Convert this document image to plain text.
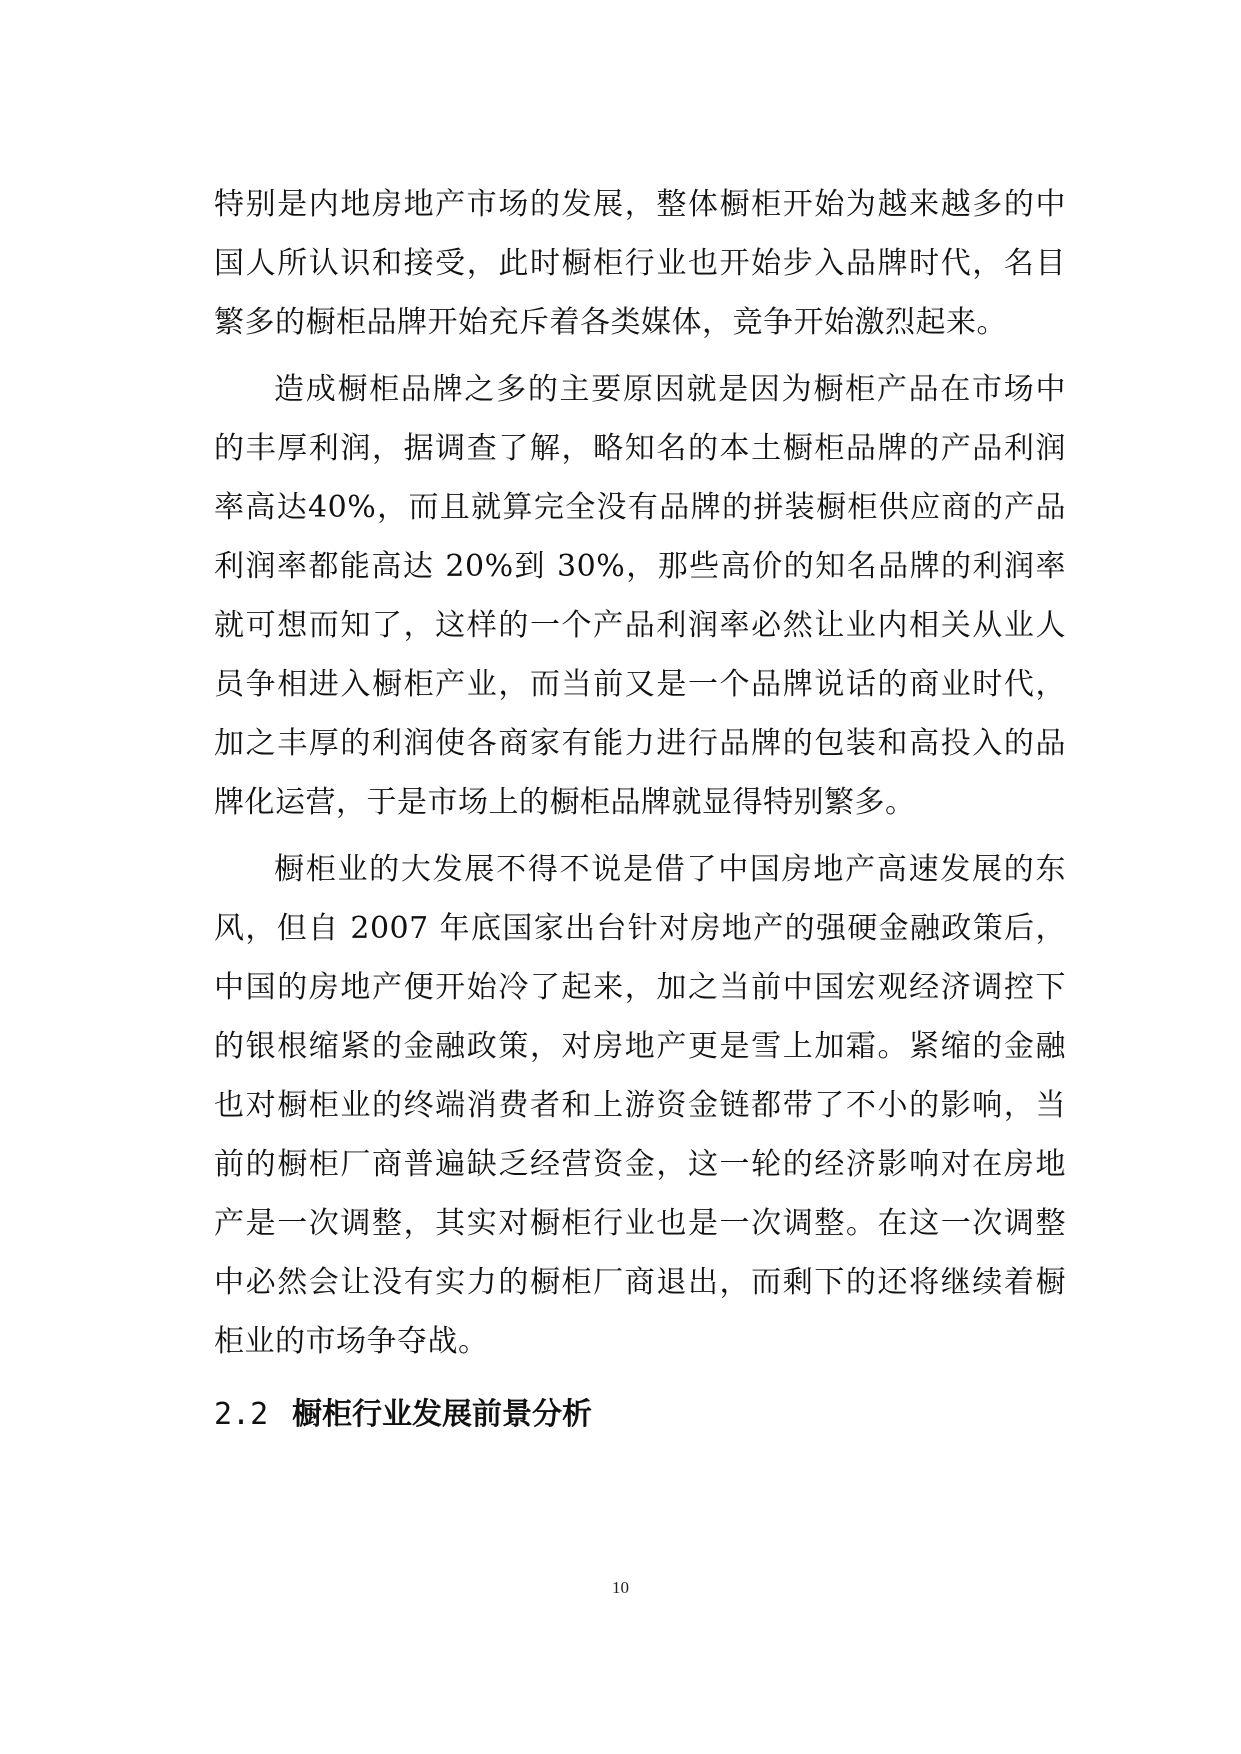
特别是内地房地产市场的发展，整体橱柜开始为越来越多的中国人所认识和接受，此时橱柜行业也开始步入品牌时代，名目繁多的橱柜品牌开始充斥着各类媒体，竞争开始激烈起来。

造成橱柜品牌之多的主要原因就是因为橱柜产品在市场中的丰厚利润，据调查了解，略知名的本土橱柜品牌的产品利润率高达40%，而且就算完全没有品牌的拼装橱柜供应商的产品利润率都能高达 20%到 30%，那些高价的知名品牌的利润率就可想而知了，这样的一个产品利润率必然让业内相关从业人员争相进入橱柜产业，而当前又是一个品牌说话的商业时代，加之丰厚的利润使各商家有能力进行品牌的包装和高投入的品牌化运营，于是市场上的橱柜品牌就显得特别繁多。

橱柜业的大发展不得不说是借了中国房地产高速发展的东风，但自 2007 年底国家出台针对房地产的强硬金融政策后，中国的房地产便开始冷了起来，加之当前中国宏观经济调控下的银根缩紧的金融政策，对房地产更是雪上加霜。紧缩的金融也对橱柜业的终端消费者和上游资金链都带了不小的影响，当前的橱柜厂商普遍缺乏经营资金，这一轮的经济影响对在房地产是一次调整，其实对橱柜行业也是一次调整。在这一次调整中必然会让没有实力的橱柜厂商退出，而剩下的还将继续着橱柜业的市场争夺战。

2.2 橱柜行业发展前景分析
10
